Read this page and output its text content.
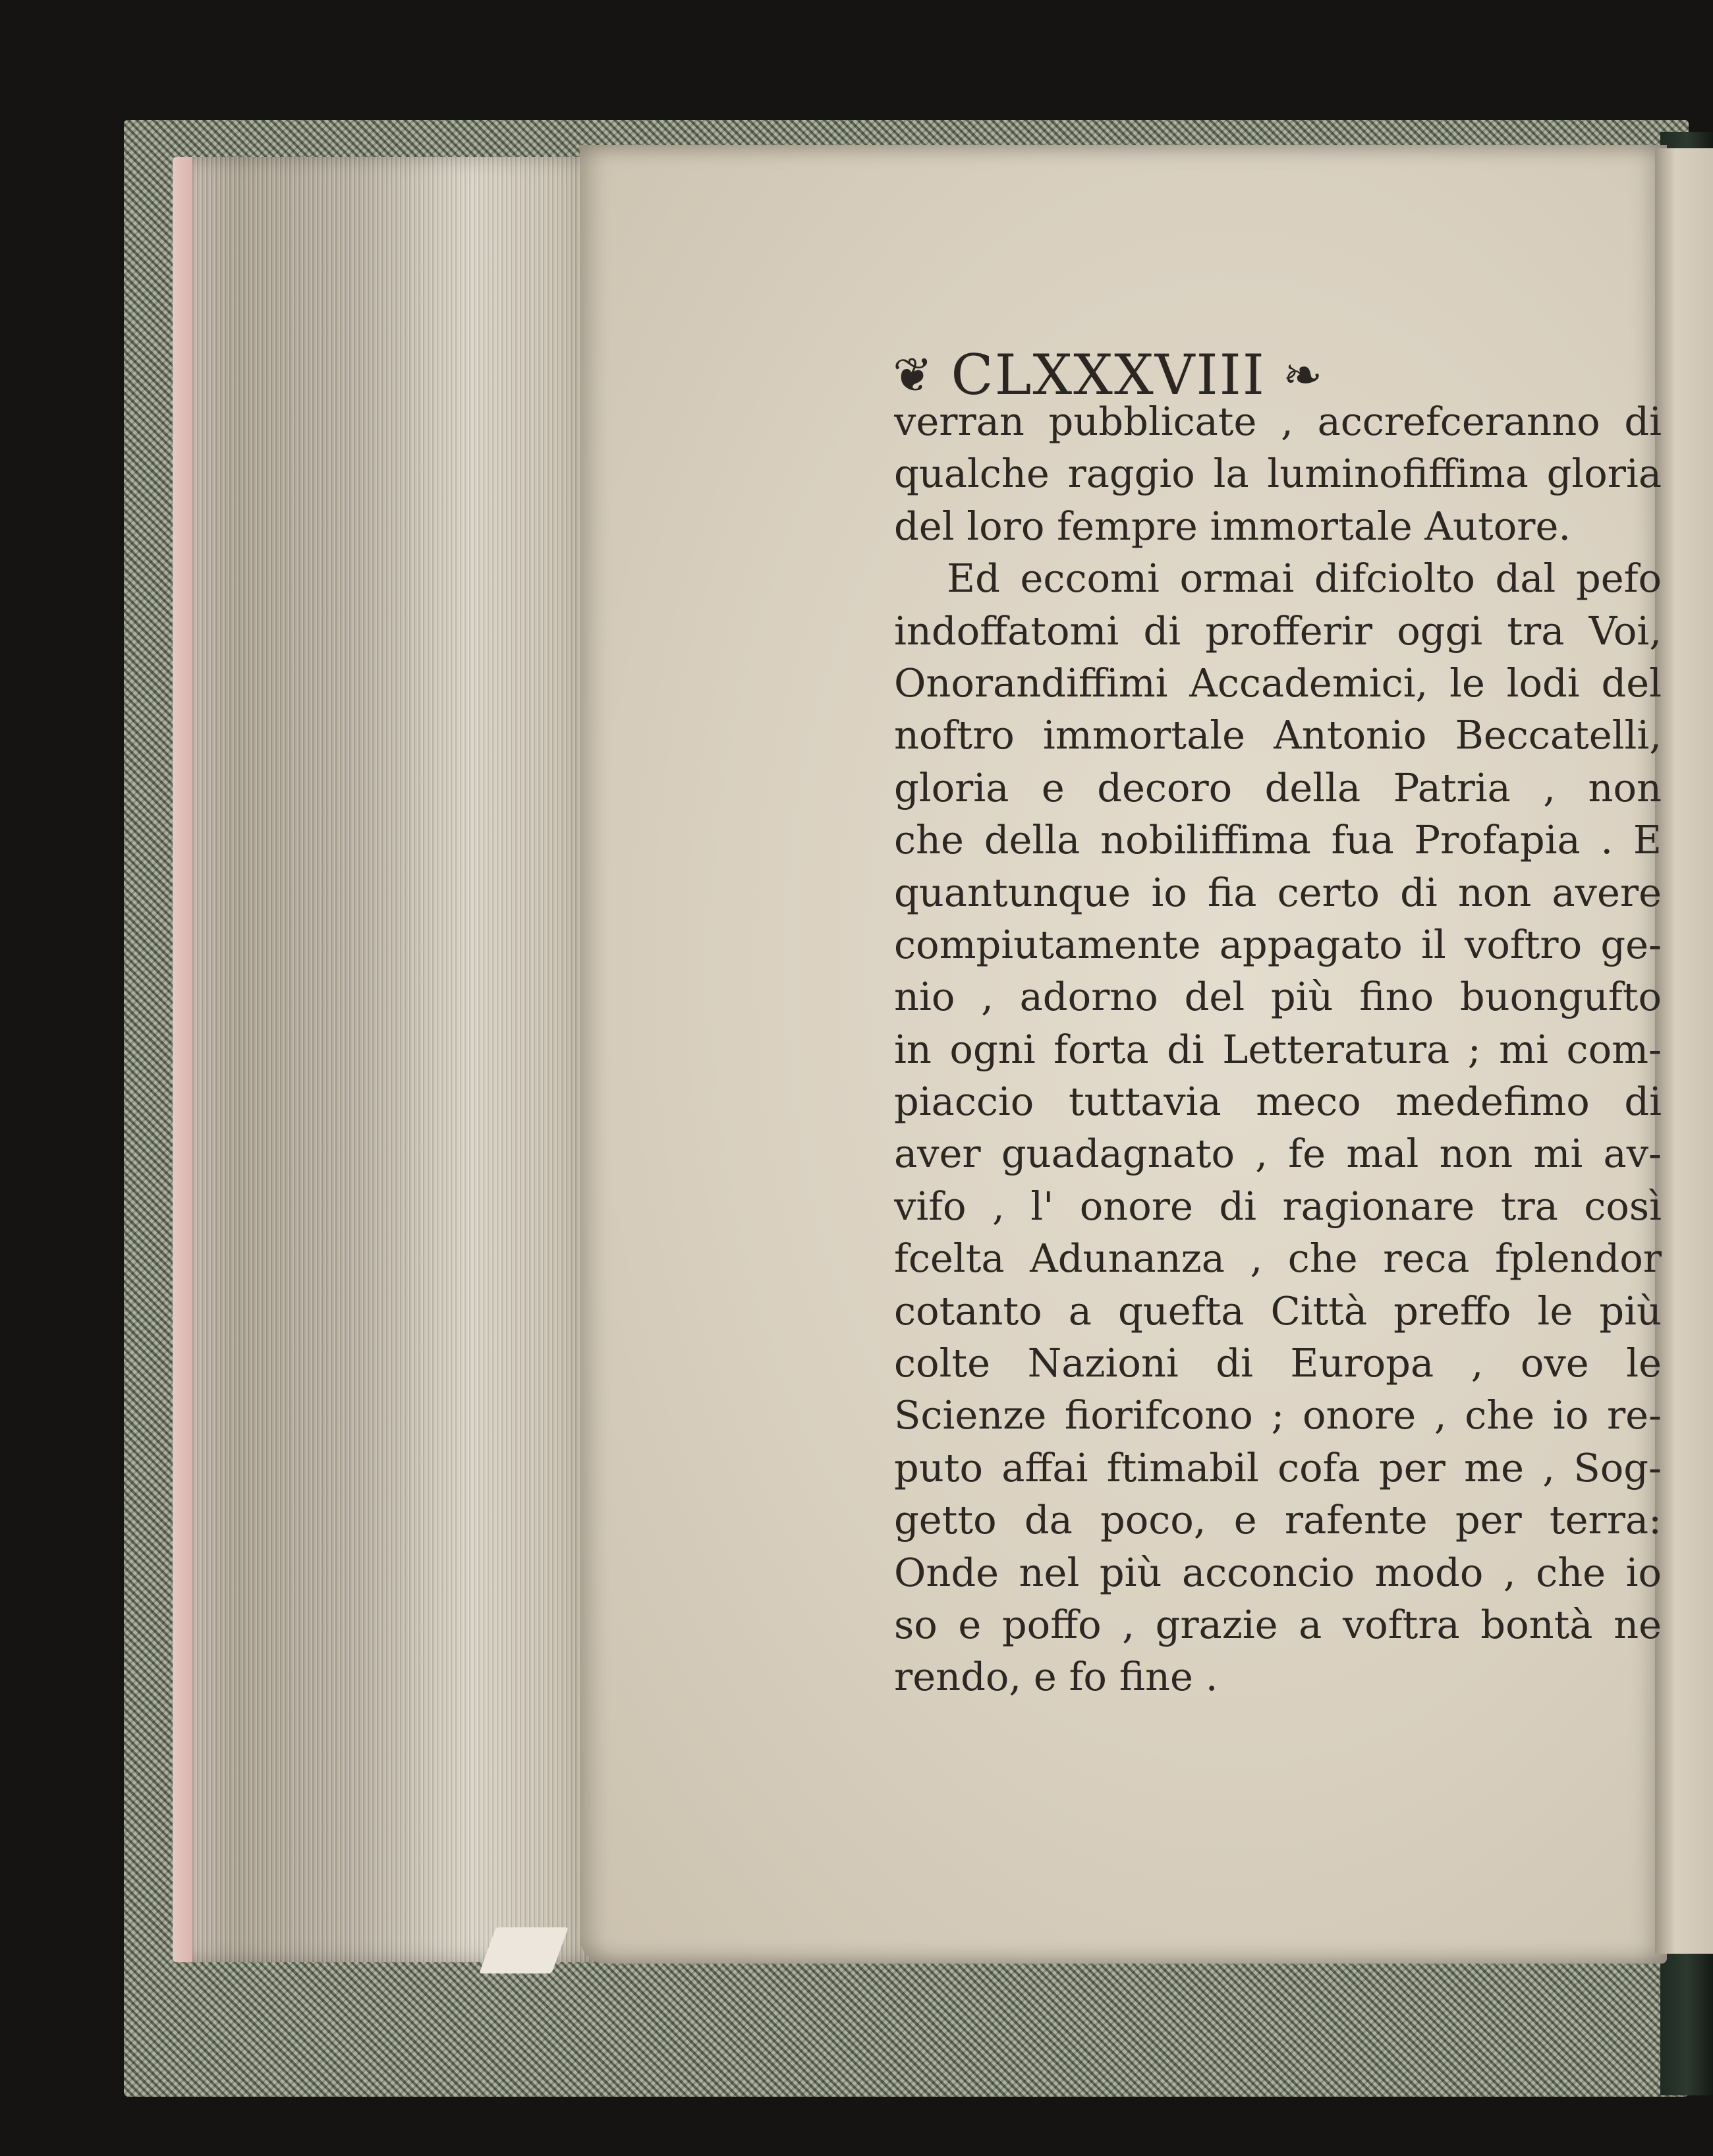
❦ CLXXXVIII ❧
verran pubblicate , accrefceranno di
qualche raggio la luminofiffima gloria
del loro fempre immortale Autore.
Ed eccomi ormai difciolto dal pefo
indoffatomi di profferir oggi tra Voi,
Onorandiffimi Accademici, le lodi del
noftro immortale Antonio Beccatelli,
gloria e decoro della Patria , non
che della nobiliffima fua Profapia . E
quantunque io fia certo di non avere
compiutamente appagato il voftro ge-
nio , adorno del più fino buongufto
in ogni forta di Letteratura ; mi com-
piaccio tuttavia meco medefimo di
aver guadagnato , fe mal non mi av-
vifo , l' onore di ragionare tra così
fcelta Adunanza , che reca fplendor
cotanto a quefta Città preffo le più
colte Nazioni di Europa , ove le
Scienze fiorifcono ; onore , che io re-
puto affai ftimabil cofa per me , Sog-
getto da poco, e rafente per terra:
Onde nel più acconcio modo , che io
so e poffo , grazie a voftra bontà ne
rendo, e fo fine .
